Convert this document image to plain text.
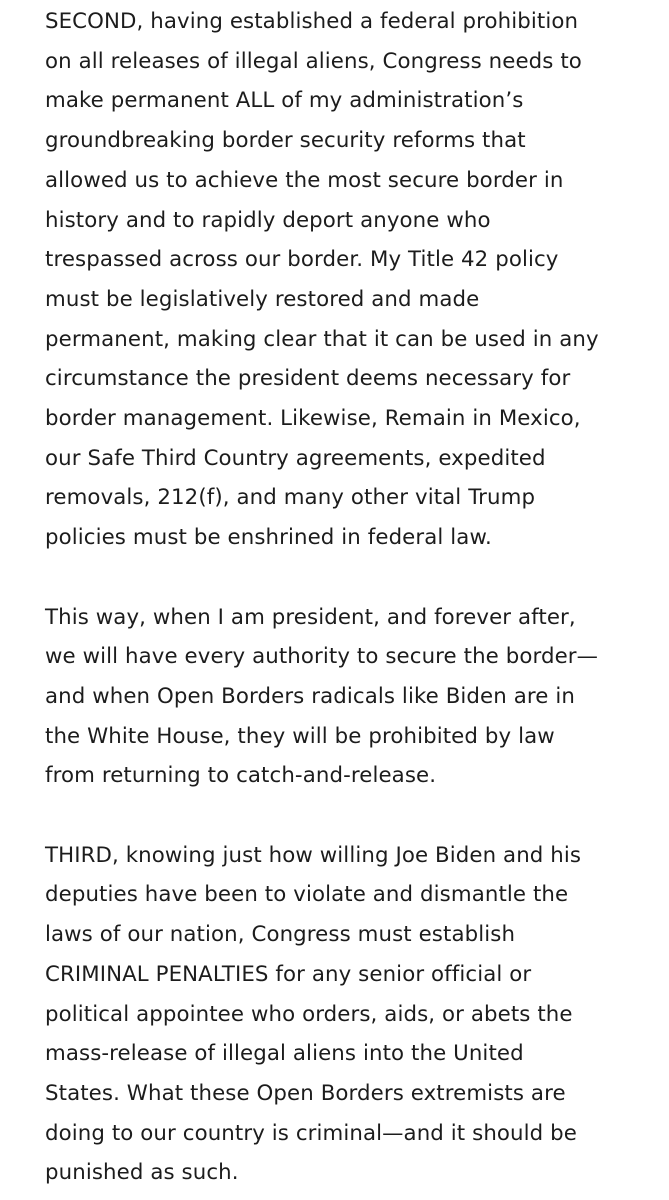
SECOND, having established a federal prohibition
on all releases of illegal aliens, Congress needs to
make permanent ALL of my administration’s
groundbreaking border security reforms that
allowed us to achieve the most secure border in
history and to rapidly deport anyone who
trespassed across our border. My Title 42 policy
must be legislatively restored and made
permanent, making clear that it can be used in any
circumstance the president deems necessary for
border management. Likewise, Remain in Mexico,
our Safe Third Country agreements, expedited
removals, 212(f), and many other vital Trump
policies must be enshrined in federal law.

This way, when I am president, and forever after,
we will have every authority to secure the border—
and when Open Borders radicals like Biden are in
the White House, they will be prohibited by law
from returning to catch-and-release.

THIRD, knowing just how willing Joe Biden and his
deputies have been to violate and dismantle the
laws of our nation, Congress must establish
CRIMINAL PENALTIES for any senior official or
political appointee who orders, aids, or abets the
mass-release of illegal aliens into the United
States. What these Open Borders extremists are
doing to our country is criminal—and it should be
punished as such.
